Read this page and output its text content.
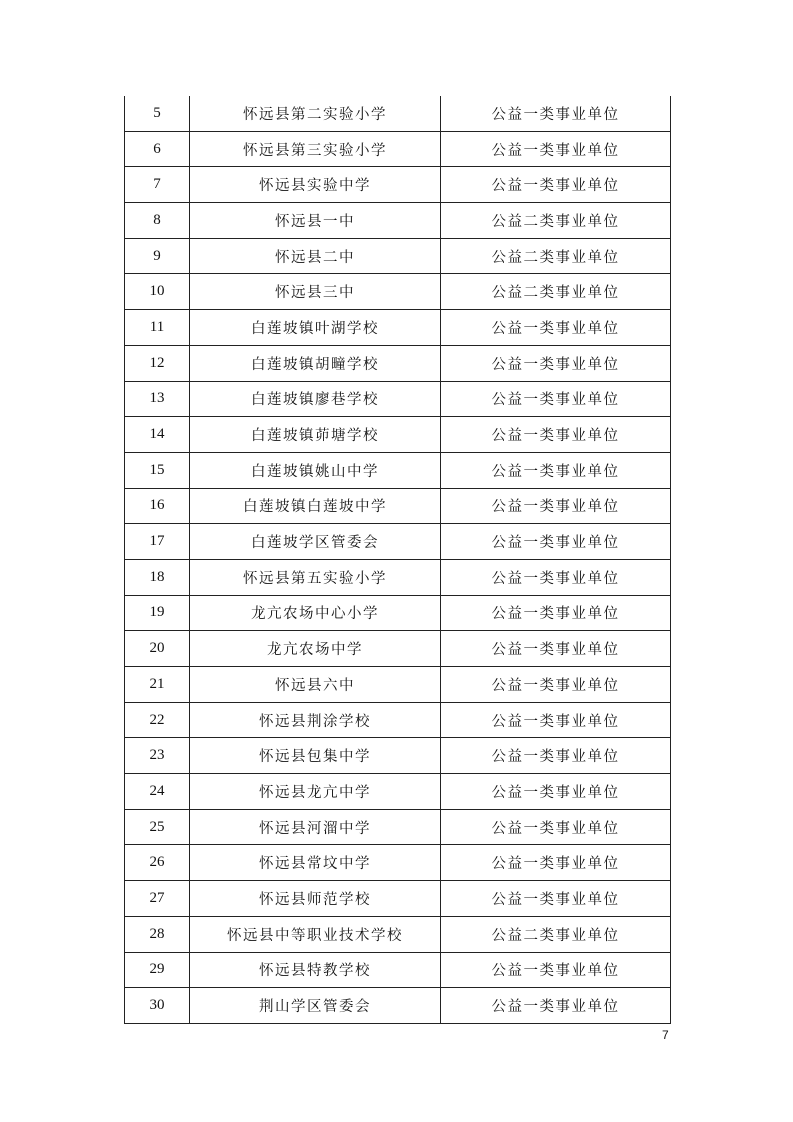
5	怀远县第二实验小学	公益一类事业单位
6	怀远县第三实验小学	公益一类事业单位
7	怀远县实验中学	公益一类事业单位
8	怀远县一中	公益二类事业单位
9	怀远县二中	公益二类事业单位
10	怀远县三中	公益二类事业单位
11	白莲坡镇叶湖学校	公益一类事业单位
12	白莲坡镇胡疃学校	公益一类事业单位
13	白莲坡镇廖巷学校	公益一类事业单位
14	白莲坡镇茆塘学校	公益一类事业单位
15	白莲坡镇姚山中学	公益一类事业单位
16	白莲坡镇白莲坡中学	公益一类事业单位
17	白莲坡学区管委会	公益一类事业单位
18	怀远县第五实验小学	公益一类事业单位
19	龙亢农场中心小学	公益一类事业单位
20	龙亢农场中学	公益一类事业单位
21	怀远县六中	公益一类事业单位
22	怀远县荆涂学校	公益一类事业单位
23	怀远县包集中学	公益一类事业单位
24	怀远县龙亢中学	公益一类事业单位
25	怀远县河溜中学	公益一类事业单位
26	怀远县常坟中学	公益一类事业单位
27	怀远县师范学校	公益一类事业单位
28	怀远县中等职业技术学校	公益二类事业单位
29	怀远县特教学校	公益一类事业单位
30	荆山学区管委会	公益一类事业单位
7
